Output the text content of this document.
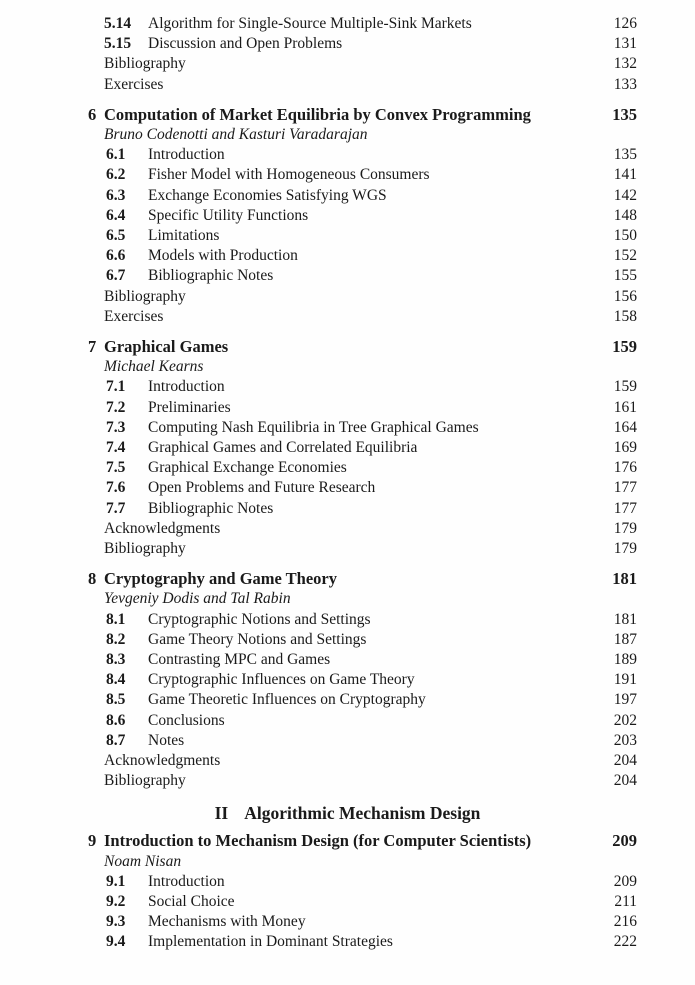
5.14 Algorithm for Single-Source Multiple-Sink Markets	126
5.15 Discussion and Open Problems	131
Bibliography	132
Exercises	133
6 Computation of Market Equilibria by Convex Programming	135
Bruno Codenotti and Kasturi Varadarajan
6.1 Introduction	135
6.2 Fisher Model with Homogeneous Consumers	141
6.3 Exchange Economies Satisfying WGS	142
6.4 Specific Utility Functions	148
6.5 Limitations	150
6.6 Models with Production	152
6.7 Bibliographic Notes	155
Bibliography	156
Exercises	158
7 Graphical Games	159
Michael Kearns
7.1 Introduction	159
7.2 Preliminaries	161
7.3 Computing Nash Equilibria in Tree Graphical Games	164
7.4 Graphical Games and Correlated Equilibria	169
7.5 Graphical Exchange Economies	176
7.6 Open Problems and Future Research	177
7.7 Bibliographic Notes	177
Acknowledgments	179
Bibliography	179
8 Cryptography and Game Theory	181
Yevgeniy Dodis and Tal Rabin
8.1 Cryptographic Notions and Settings	181
8.2 Game Theory Notions and Settings	187
8.3 Contrasting MPC and Games	189
8.4 Cryptographic Influences on Game Theory	191
8.5 Game Theoretic Influences on Cryptography	197
8.6 Conclusions	202
8.7 Notes	203
Acknowledgments	204
Bibliography	204
II Algorithmic Mechanism Design
9 Introduction to Mechanism Design (for Computer Scientists)	209
Noam Nisan
9.1 Introduction	209
9.2 Social Choice	211
9.3 Mechanisms with Money	216
9.4 Implementation in Dominant Strategies	222
